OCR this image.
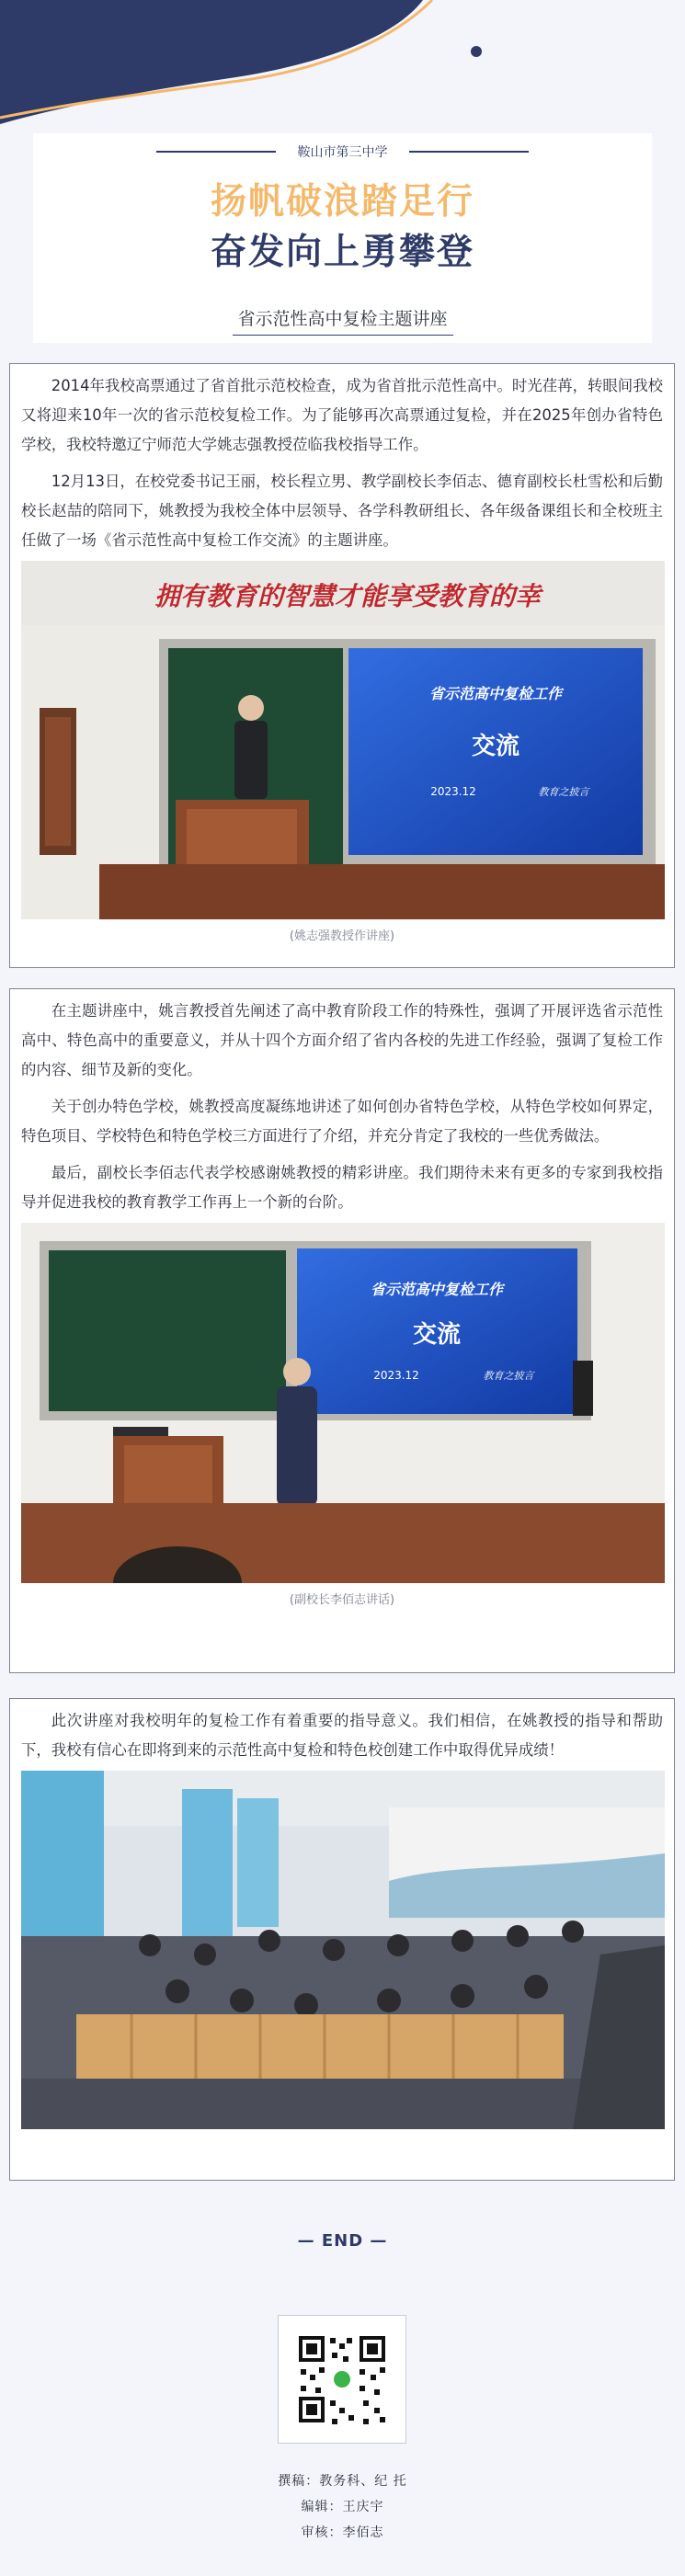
鞍山市第三中学
扬帆破浪踏足行
奋发向上勇攀登
省示范性高中复检主题讲座

2014年我校高票通过了省首批示范校检查，成为省首批示范性高中。时光荏苒，转眼间我校又将迎来10年一次的省示范校复检工作。为了能够再次高票通过复检，并在2025年创办省特色学校，我校特邀辽宁师范大学姚志强教授莅临我校指导工作。

12月13日，在校党委书记王丽，校长程立男、教学副校长李佰志、德育副校长杜雪松和后勤校长赵喆的陪同下，姚教授为我校全体中层领导、各学科教研组长、各年级备课组长和全校班主任做了一场《省示范性高中复检工作交流》的主题讲座。

拥有教育的智慧才能享受教育的幸
省示范高中复检工作
交流
2023.12	教育之披言
(姚志强教授作讲座)

在主题讲座中，姚言教授首先阐述了高中教育阶段工作的特殊性，强调了开展评选省示范性高中、特色高中的重要意义，并从十四个方面介绍了省内各校的先进工作经验，强调了复检工作的内容、细节及新的变化。

关于创办特色学校，姚教授高度凝练地讲述了如何创办省特色学校，从特色学校如何界定，特色项目、学校特色和特色学校三方面进行了介绍，并充分肯定了我校的一些优秀做法。

最后，副校长李佰志代表学校感谢姚教授的精彩讲座。我们期待未来有更多的专家到我校指导并促进我校的教育教学工作再上一个新的台阶。

省示范高中复检工作
交流
2023.12	教育之披言
(副校长李佰志讲话)

此次讲座对我校明年的复检工作有着重要的指导意义。我们相信，在姚教授的指导和帮助下，我校有信心在即将到来的示范性高中复检和特色校创建工作中取得优异成绩！

— END —
撰稿：教务科、纪 托
编辑：王庆宇
审核：李佰志
